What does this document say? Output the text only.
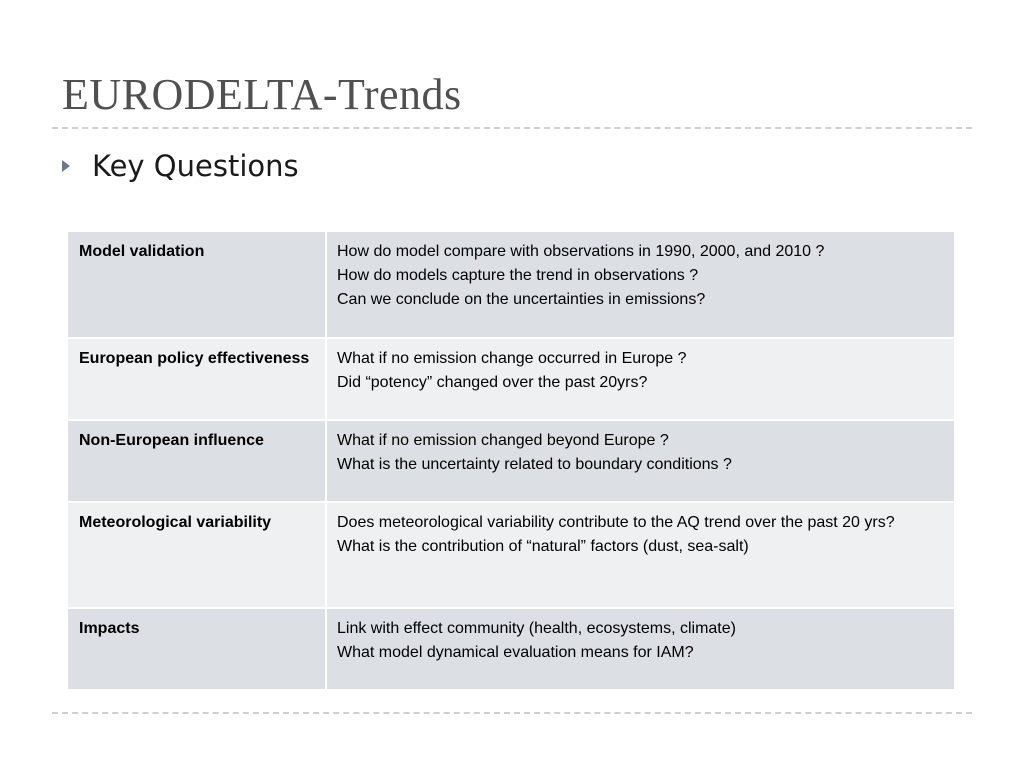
EURODELTA-Trends
Key Questions
Model validation	How do model compare with observations in 1990, 2000, and 2010 ?
How do models capture the trend in observations ?
Can we conclude on the uncertainties in emissions?

European policy effectiveness	What if no emission change occurred in Europe ?
Did “potency” changed over the past 20yrs?

Non-European influence	What if no emission changed beyond Europe ?
What is the uncertainty related to boundary conditions ?

Meteorological variability	Does meteorological variability contribute to the AQ trend over the past 20 yrs?
What is the contribution of “natural” factors (dust, sea-salt)

Impacts	Link with effect community (health, ecosystems, climate)
What model dynamical evaluation means for IAM?
